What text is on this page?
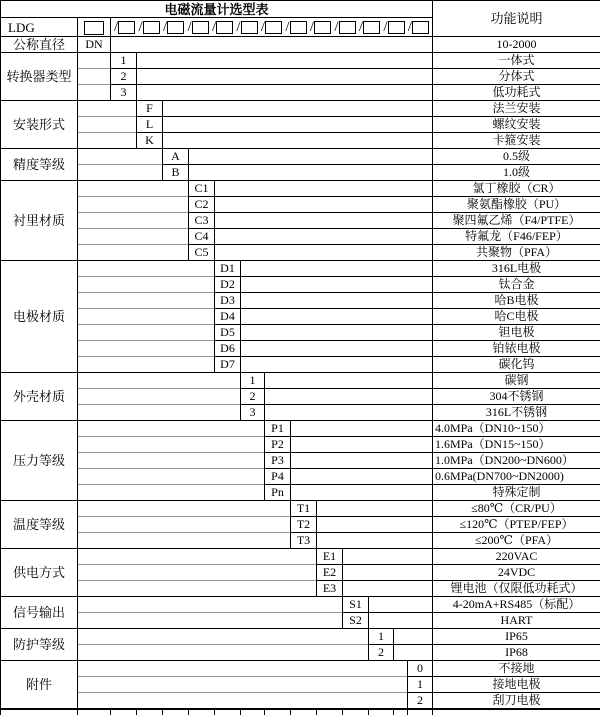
电磁流量计选型表															功能说明
LDG		/ / / / / / / / / / / / /

公称直径	DN														10-2000
转换器类型		1													一体式
		2													分体式
		3													低功耗式
安装形式			F												法兰安装
			L												螺纹安装
			K												卡箍安装
精度等级				A											0.5级
				B											1.0级
衬里材质					C1										氯丁橡胶（CR）
					C2										聚氨酯橡胶（PU）
					C3										聚四氟乙烯（F4/PTFE）
					C4										特氟龙（F46/FEP）
					C5										共聚物（PFA）
电极材质						D1									316L电极
						D2									钛合金
						D3									哈B电极
						D4									哈C电极
						D5									钽电极
						D6									铂铱电极
						D7									碳化钨
外壳材质							1								碳钢
							2								304不锈钢
							3								316L不锈钢
压力等级								P1							4.0MPa（DN10~150）
								P2							1.6MPa（DN15~150）
								P3							1.0MPa（DN200~DN600）
								P4							0.6MPa(DN700~DN2000)
								Pn							特殊定制
温度等级									T1						≤80℃（CR/PU）
									T2						≤120℃（PTEP/FEP）
									T3						≤200℃（PFA）
供电方式										E1					220VAC
										E2					24VDC
										E3					锂电池（仅限低功耗式）
信号输出											S1				4-20mA+RS485（标配）
											S2				HART
防护等级												1			IP65
												2			IP68
附件														0	不接地
														1	接地电极
														2	刮刀电极
